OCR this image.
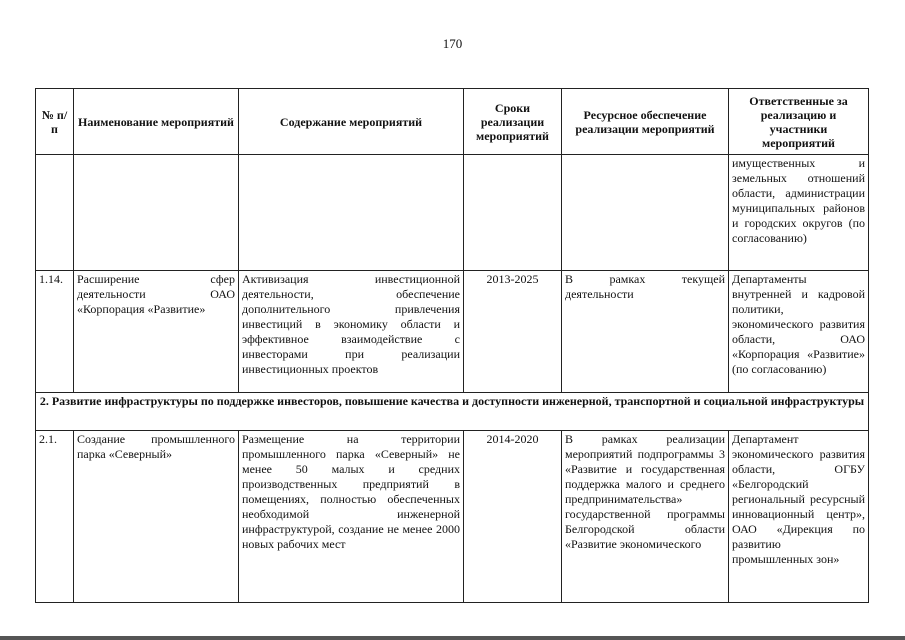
170
№ п/п	Наименование мероприятий	Содержание мероприятий	Сроки реализации мероприятий	Ресурсное обеспечение реализации мероприятий	Ответственные за реализацию и участники мероприятий
					имущественных и земельных отношений области, администрации муниципальных районов и городских округов (по согласованию)
1.14.	Расширение сфер деятельности ОАО «Корпорация «Развитие»	Активизация инвестиционной деятельности, обеспечение дополнительного привлечения инвестиций в экономику области и эффективное взаимодействие с инвесторами при реализации инвестиционных проектов	2013-2025	В рамках текущей деятельности	Департаменты внутренней и кадровой политики, экономического развития области, ОАО «Корпорация «Развитие» (по согласованию)
2. Развитие инфраструктуры по поддержке инвесторов, повышение качества и доступности инженерной, транспортной и социальной инфраструктуры					
2.1.	Создание промышленного парка «Северный»	Размещение на территории промышленного парка «Северный» не менее 50 малых и средних производственных предприятий в помещениях, полностью обеспеченных необходимой инженерной инфраструктурой, создание не менее 2000 новых рабочих мест	2014-2020	В рамках реализации мероприятий подпрограммы 3 «Развитие и государственная поддержка малого и среднего предпринимательства» государственной программы Белгородской области «Развитие экономического	Департамент экономического развития области, ОГБУ «Белгородский региональный ресурсный инновационный центр», ОАО «Дирекция по развитию промышленных зон»
